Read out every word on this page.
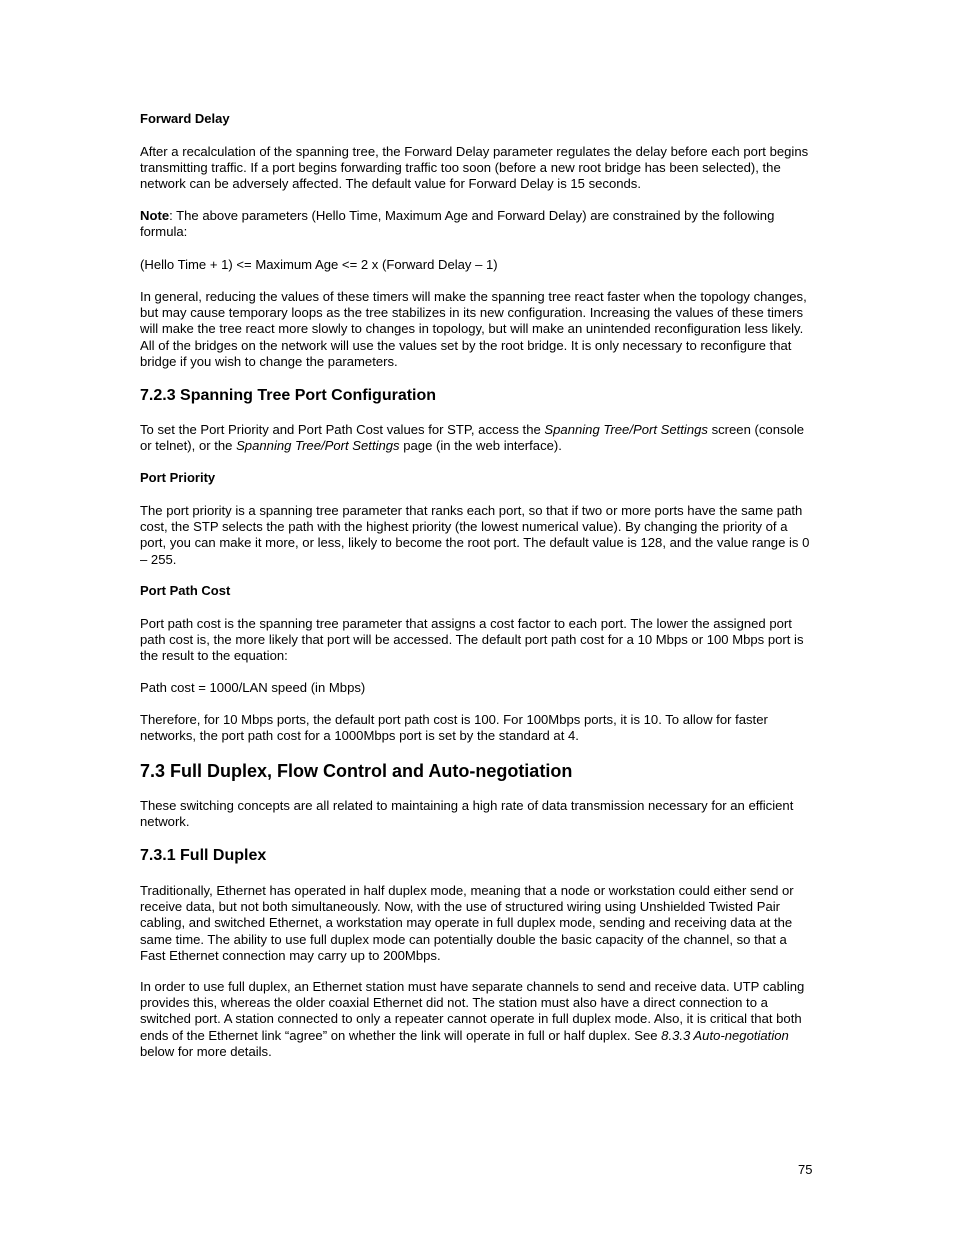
Forward Delay

After a recalculation of the spanning tree, the Forward Delay parameter regulates the delay before each port begins transmitting traffic. If a port begins forwarding traffic too soon (before a new root bridge has been selected), the network can be adversely affected. The default value for Forward Delay is 15 seconds.

Note: The above parameters (Hello Time, Maximum Age and Forward Delay) are constrained by the following formula:

(Hello Time + 1) <= Maximum Age <= 2 x (Forward Delay – 1)

In general, reducing the values of these timers will make the spanning tree react faster when the topology changes, but may cause temporary loops as the tree stabilizes in its new configuration. Increasing the values of these timers will make the tree react more slowly to changes in topology, but will make an unintended reconfiguration less likely. All of the bridges on the network will use the values set by the root bridge. It is only necessary to reconfigure that bridge if you wish to change the parameters.

7.2.3 Spanning Tree Port Configuration

To set the Port Priority and Port Path Cost values for STP, access the Spanning Tree/Port Settings screen (console or telnet), or the Spanning Tree/Port Settings page (in the web interface).

Port Priority

The port priority is a spanning tree parameter that ranks each port, so that if two or more ports have the same path cost, the STP selects the path with the highest priority (the lowest numerical value). By changing the priority of a port, you can make it more, or less, likely to become the root port. The default value is 128, and the value range is 0 – 255.

Port Path Cost

Port path cost is the spanning tree parameter that assigns a cost factor to each port. The lower the assigned port path cost is, the more likely that port will be accessed. The default port path cost for a 10 Mbps or 100 Mbps port is the result to the equation:

Path cost = 1000/LAN speed (in Mbps)

Therefore, for 10 Mbps ports, the default port path cost is 100. For 100Mbps ports, it is 10. To allow for faster networks, the port path cost for a 1000Mbps port is set by the standard at 4.

7.3 Full Duplex, Flow Control and Auto-negotiation

These switching concepts are all related to maintaining a high rate of data transmission necessary for an efficient network.

7.3.1 Full Duplex

Traditionally, Ethernet has operated in half duplex mode, meaning that a node or workstation could either send or receive data, but not both simultaneously. Now, with the use of structured wiring using Unshielded Twisted Pair cabling, and switched Ethernet, a workstation may operate in full duplex mode, sending and receiving data at the same time. The ability to use full duplex mode can potentially double the basic capacity of the channel, so that a Fast Ethernet connection may carry up to 200Mbps.

In order to use full duplex, an Ethernet station must have separate channels to send and receive data. UTP cabling provides this, whereas the older coaxial Ethernet did not. The station must also have a direct connection to a switched port. A station connected to only a repeater cannot operate in full duplex mode. Also, it is critical that both ends of the Ethernet link “agree” on whether the link will operate in full or half duplex. See 8.3.3 Auto-negotiation below for more details.

75
